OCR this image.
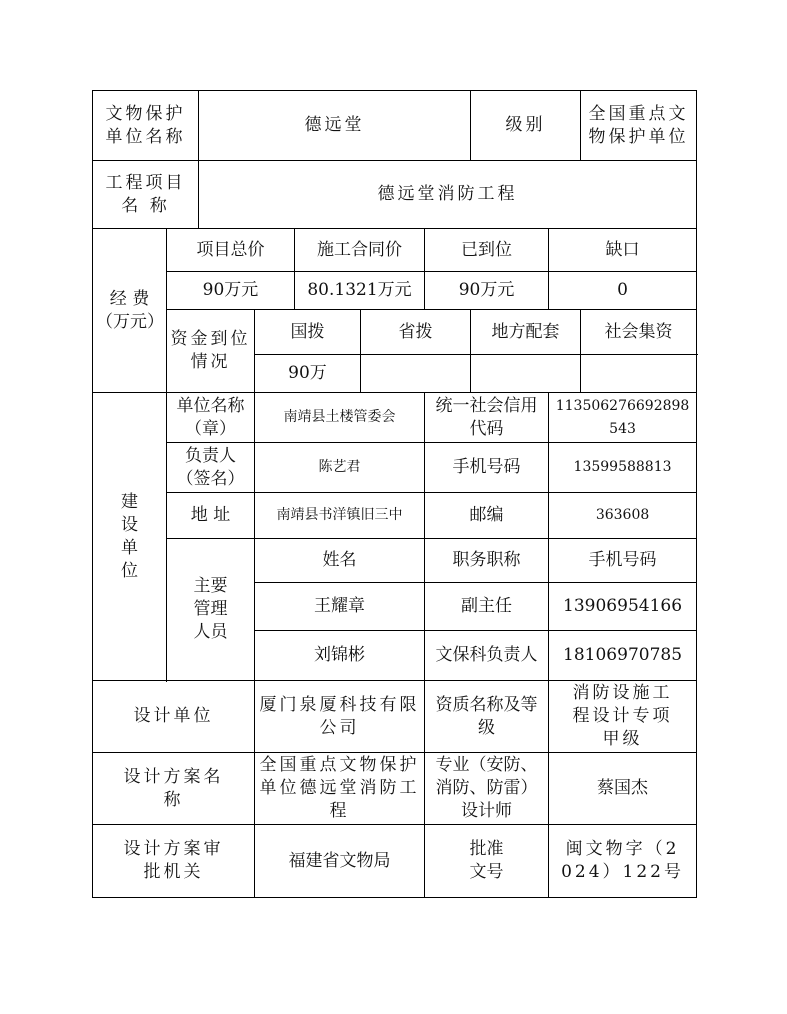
文物保护单位名称		德远堂					级别		全国重点文物保护单位
工程项目名 称		德远堂消防工程							
经 费（万元）	项目总价			施工合同价		已到位		缺口	
	90万元			80.1321万元		90万元		0	
	资金到位情况		国拨		省拨		地方配套		社会集资
			90万						
建设单位	单位名称（章）		南靖县土楼管委会			统一社会信用代码		113506276692898543	
	负责人（签名）		陈艺君			手机号码		13599588813	
	地 址		南靖县书洋镇旧三中			邮编		363608	
	主要管理人员		姓名			职务职称		手机号码	
			王耀章			副主任		13906954166	
			刘锦彬			文保科负责人		18106970785	

设计单位			厦门泉厦科技有限公司			资质名称及等级		消防设施工程设计专项甲级	
设计方案名称			全国重点文物保护单位德远堂消防工程			专业（安防、消防、防雷）设计师		蔡国杰	
设计方案审批机关			福建省文物局			批准文号		闽文物字（2024）122号	
